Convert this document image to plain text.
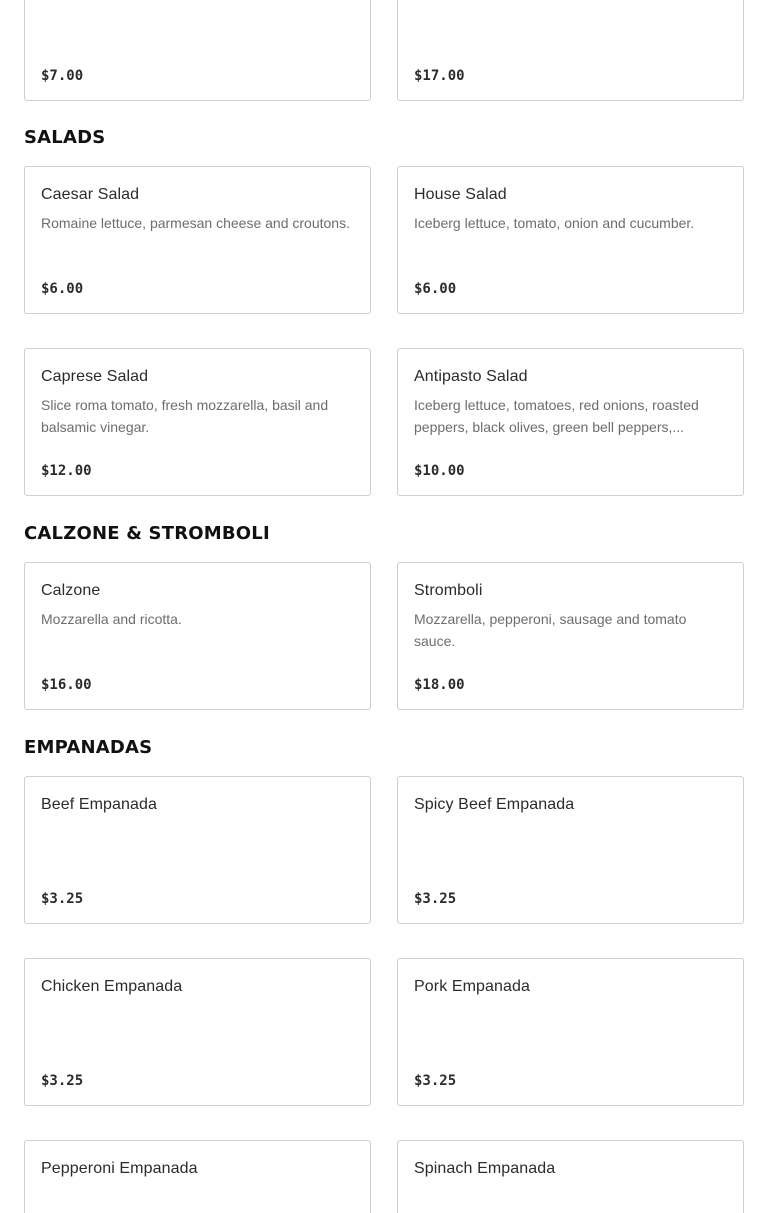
$7.00	$17.00
SALADS
Caesar Salad
Romaine lettuce, parmesan cheese and croutons.
$6.00
House Salad
Iceberg lettuce, tomato, onion and cucumber.
$6.00
Caprese Salad
Slice roma tomato, fresh mozzarella, basil and balsamic vinegar.
$12.00
Antipasto Salad
Iceberg lettuce, tomatoes, red onions, roasted peppers, black olives, green bell peppers,...
$10.00
CALZONE & STROMBOLI
Calzone
Mozzarella and ricotta.
$16.00
Stromboli
Mozzarella, pepperoni, sausage and tomato sauce.
$18.00
EMPANADAS
Beef Empanada
$3.25
Spicy Beef Empanada
$3.25
Chicken Empanada
$3.25
Pork Empanada
$3.25
Pepperoni Empanada	Spinach Empanada
